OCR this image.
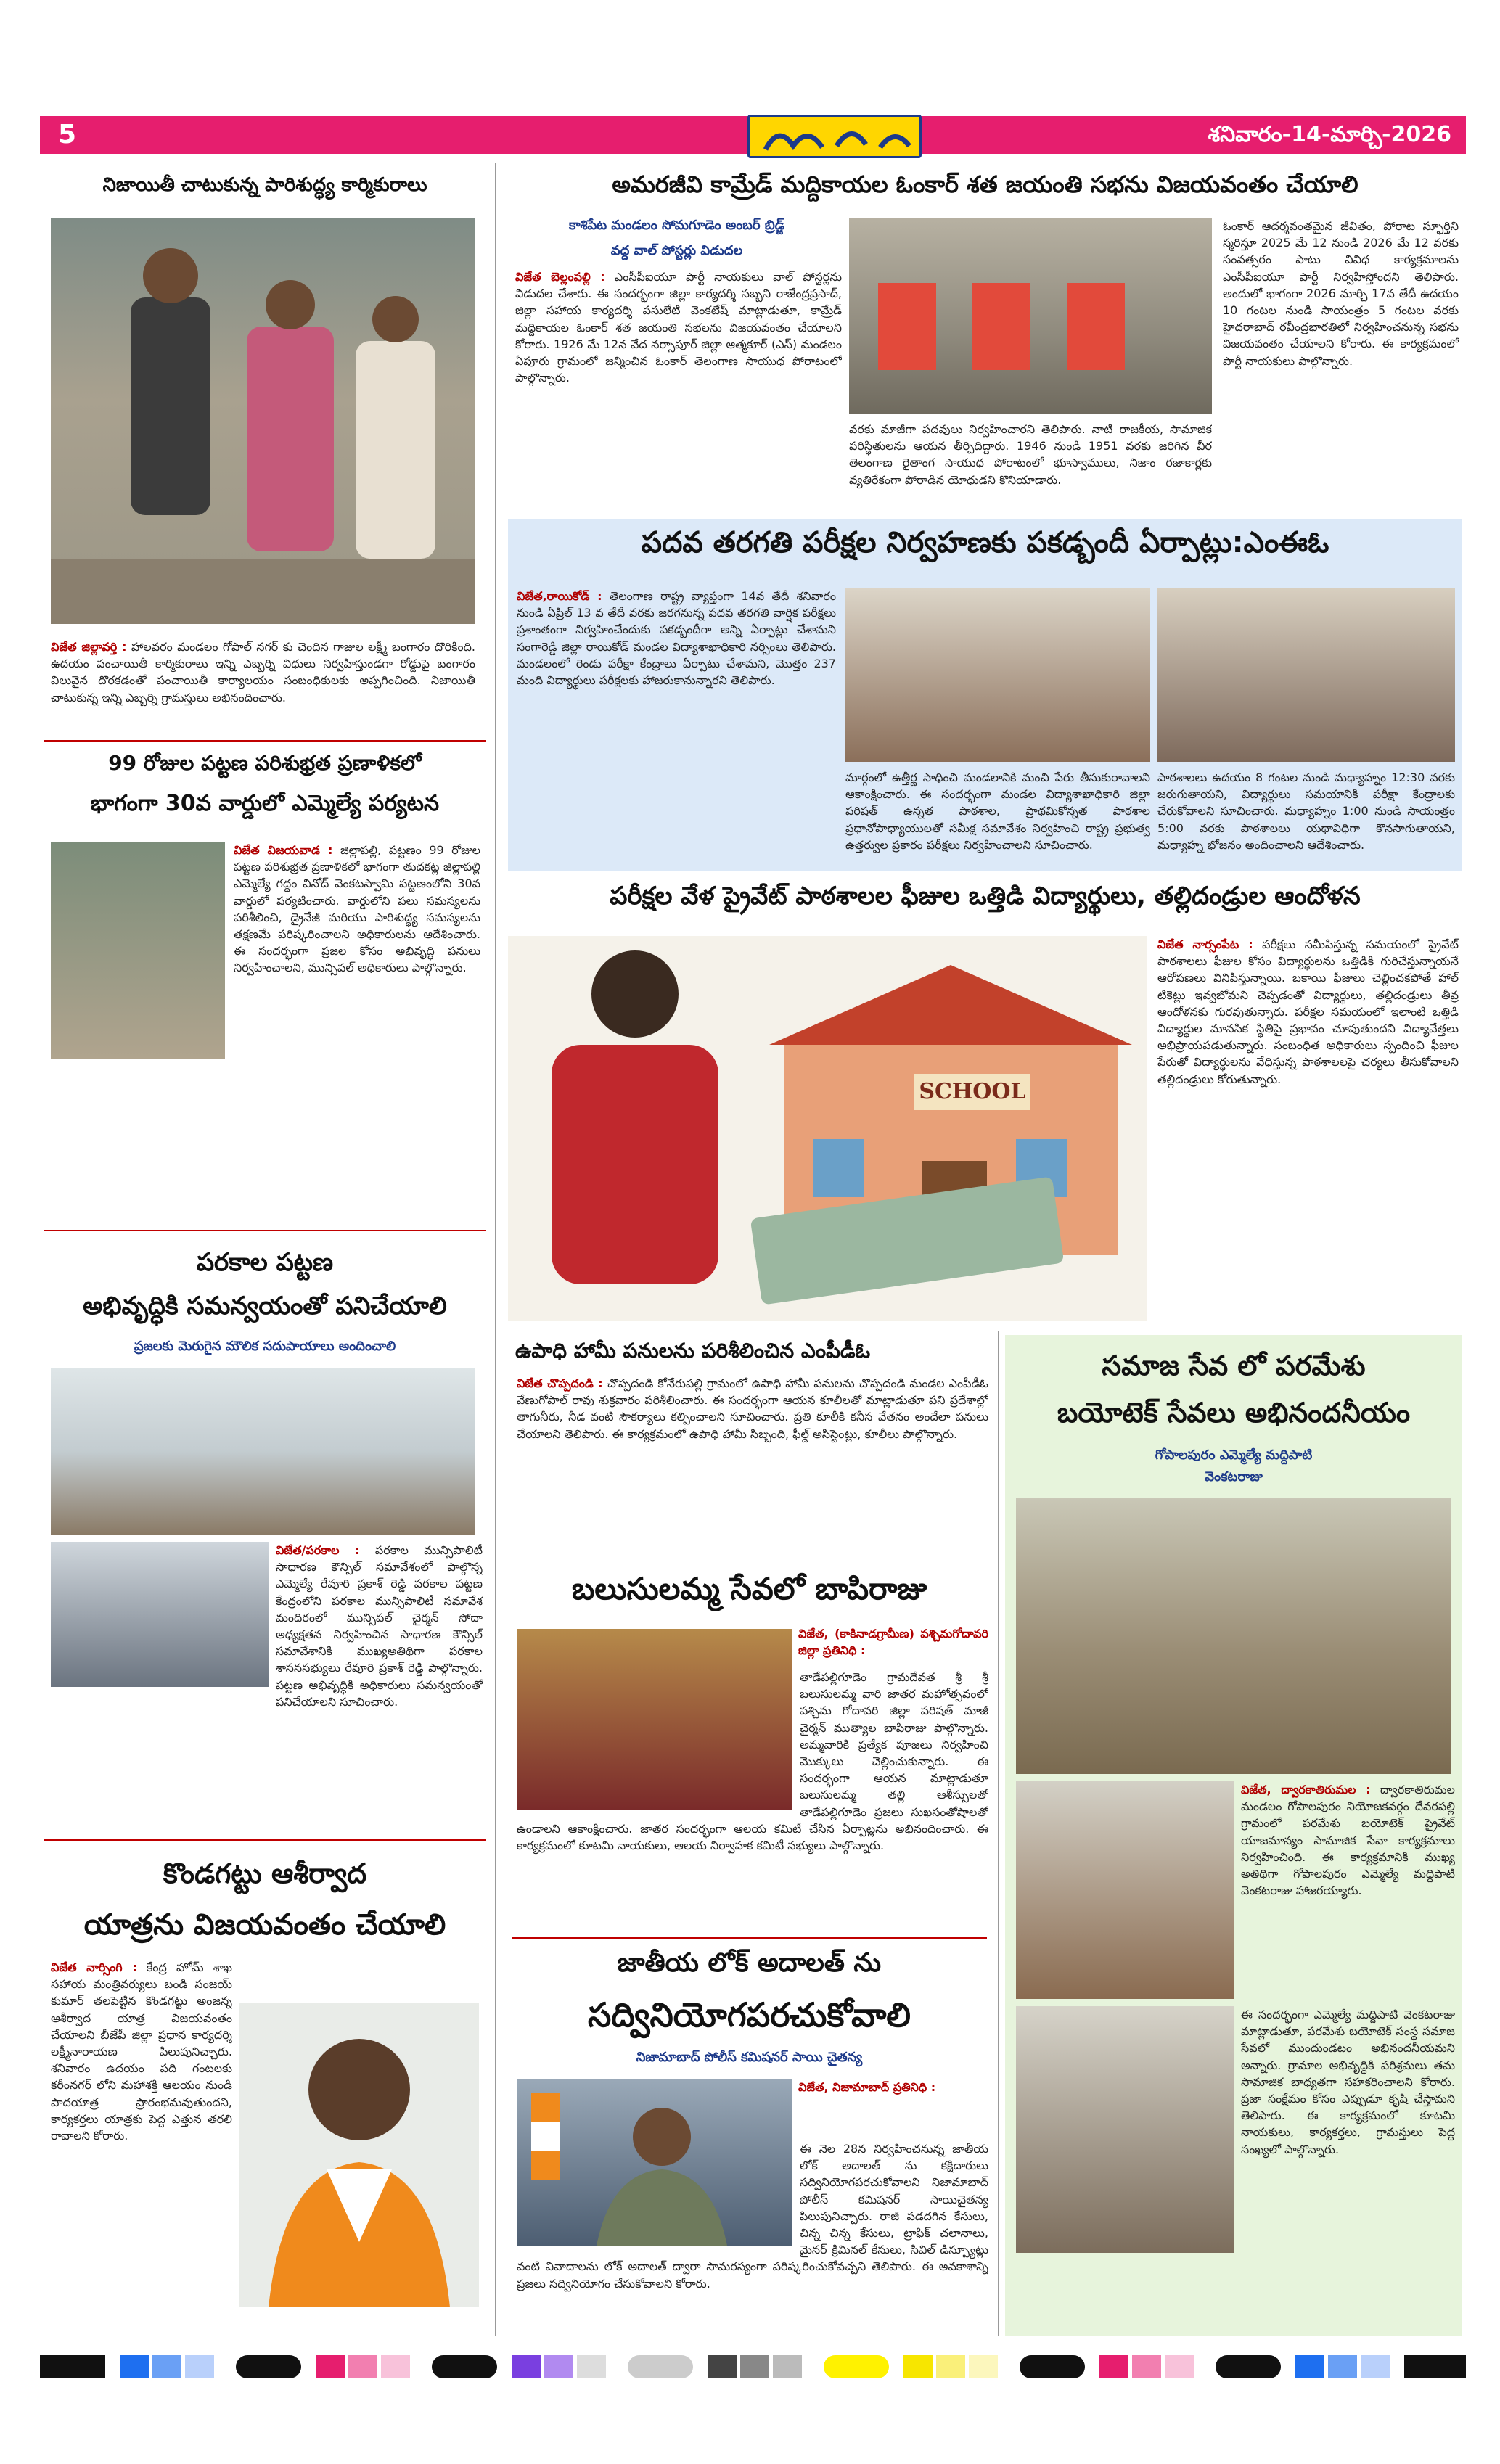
5	శనివారం-14-మార్చి-2026
నిజాయితీ చాటుకున్న పారిశుద్ధ్య కార్మికురాలు
విజేత జిల్లావర్తి : హాలవరం మండలం గోపాల్ నగర్ కు చెందిన గాజుల లక్ష్మీ బంగారం దొరికింది. ఉదయం పంచాయితీ కార్మికురాలు ఇన్ని ఎబ్బర్ని విధులు నిర్వహిస్తుండగా రోడ్డుపై బంగారం విలువైన దొరకడంతో పంచాయితీ కార్యాలయం సంబంధికులకు అప్పగించింది. నిజాయితీ చాటుకున్న ఇన్ని ఎబ్బర్ని గ్రామస్తులు అభినందించారు.
99 రోజుల పట్టణ పరిశుభ్రత ప్రణాళికలో
భాగంగా 30వ వార్డులో ఎమ్మెల్యే పర్యటన
విజేత విజయవాడ : జిల్లాపల్లి, పట్టణం 99 రోజుల పట్టణ పరిశుభ్రత ప్రణాళికలో భాగంగా తుదకట్ల జిల్లాపల్లి ఎమ్మెల్యే గద్దం వినోద్ వెంకటస్వామి పట్టణంలోని 30వ వార్డులో పర్యటించారు. వార్డులోని పలు సమస్యలను పరిశీలించి, డ్రైనేజీ మరియు పారిశుద్ధ్య సమస్యలను తక్షణమే పరిష్కరించాలని అధికారులను ఆదేశించారు. ఈ సందర్భంగా ప్రజల కోసం అభివృద్ధి పనులు నిర్వహించాలని, మున్సిపల్ అధికారులు పాల్గొన్నారు.
పరకాల పట్టణ
అభివృద్ధికి సమన్వయంతో పనిచేయాలి
ప్రజలకు మెరుగైన మౌలిక సదుపాయాలు అందించాలి
విజేత/పరకాల : పరకాల మున్సిపాలిటీ సాధారణ కౌన్సిల్ సమావేశంలో పాల్గొన్న ఎమ్మెల్యే రేవూరి ప్రకాశ్ రెడ్డి పరకాల పట్టణ కేంద్రంలోని పరకాల మున్సిపాలిటీ సమావేశ మందిరంలో మున్సిపల్ చైర్మన్ సోదా అధ్యక్షతన నిర్వహించిన సాధారణ కౌన్సిల్ సమావేశానికి ముఖ్యఅతిథిగా పరకాల శాసనసభ్యులు రేవూరి ప్రకాశ్ రెడ్డి పాల్గొన్నారు. పట్టణ అభివృద్ధికి అధికారులు సమన్వయంతో పనిచేయాలని సూచించారు.
కొండగట్టు ఆశీర్వాద
యాత్రను విజయవంతం చేయాలి
విజేత నార్సింగి : కేంద్ర హోమ్ శాఖ సహాయ మంత్రివర్యులు బండి సంజయ్ కుమార్ తలపెట్టిన కొండగట్టు అంజన్న ఆశీర్వాద యాత్ర విజయవంతం చేయాలని బీజేపీ జిల్లా ప్రధాన కార్యదర్శి లక్ష్మీనారాయణ పిలుపునిచ్చారు. శనివారం ఉదయం పది గంటలకు కరీంనగర్ లోని మహాశక్తి ఆలయం నుండి పాదయాత్ర ప్రారంభమవుతుందని, కార్యకర్తలు యాత్రకు పెద్ద ఎత్తున తరలి రావాలని కోరారు.
అమరజీవి కామ్రేడ్ మద్దికాయల ఓంకార్ శత జయంతి సభను విజయవంతం చేయాలి
కాశిపేట మండలం సోమగూడెం అంబర్ బ్రిడ్జ్
వద్ద వాల్ పోస్టర్లు విడుదల
విజేత బెల్లంపల్లి : ఎంసీపీఐయూ పార్టీ నాయకులు వాల్ పోస్టర్లను విడుదల చేశారు. ఈ సందర్భంగా జిల్లా కార్యదర్శి సబ్బని రాజేంద్రప్రసాద్, జిల్లా సహాయ కార్యదర్శి పసులేటి వెంకటేష్ మాట్లాడుతూ, కామ్రేడ్ మద్దికాయల ఓంకార్ శత జయంతి సభలను విజయవంతం చేయాలని కోరారు. 1926 మే 12న వేద నర్సాపూర్ జిల్లా ఆత్మకూర్ (ఎస్) మండలం ఏపూరు గ్రామంలో జన్మించిన ఓంకార్ తెలంగాణ సాయుధ పోరాటంలో పాల్గొన్నారు.
వరకు మాజీగా పదవులు నిర్వహించారని తెలిపారు. నాటి రాజకీయ, సామాజిక పరిస్థితులను ఆయన తీర్చిదిద్దారు. 1946 నుండి 1951 వరకు జరిగిన వీర తెలంగాణ రైతాంగ సాయుధ పోరాటంలో భూస్వాములు, నిజాం రజాకార్లకు వ్యతిరేకంగా పోరాడిన యోధుడని కొనియాడారు.
ఓంకార్ ఆదర్శవంతమైన జీవితం, పోరాట స్ఫూర్తిని స్మరిస్తూ 2025 మే 12 నుండి 2026 మే 12 వరకు సంవత్సరం పాటు వివిధ కార్యక్రమాలను ఎంసీపీఐయూ పార్టీ నిర్వహిస్తోందని తెలిపారు. అందులో భాగంగా 2026 మార్చి 17వ తేదీ ఉదయం 10 గంటల నుండి సాయంత్రం 5 గంటల వరకు హైదరాబాద్ రవీంద్రభారతిలో నిర్వహించనున్న సభను విజయవంతం చేయాలని కోరారు. ఈ కార్యక్రమంలో పార్టీ నాయకులు పాల్గొన్నారు.
పదవ తరగతి పరీక్షల నిర్వహణకు పకడ్బందీ ఏర్పాట్లు:ఎంఈఓ
విజేత,రాయికోడ్ : తెలంగాణ రాష్ట్ర వ్యాప్తంగా 14వ తేదీ శనివారం నుండి ఏప్రిల్ 13 వ తేదీ వరకు జరగనున్న పదవ తరగతి వార్షిక పరీక్షలు ప్రశాంతంగా నిర్వహించేందుకు పకడ్బందీగా అన్ని ఏర్పాట్లు చేశామని సంగారెడ్డి జిల్లా రాయికోడ్ మండల విద్యాశాఖాధికారి నర్సింలు తెలిపారు. మండలంలో రెండు పరీక్షా కేంద్రాలు ఏర్పాటు చేశామని, మొత్తం 237 మంది విద్యార్థులు పరీక్షలకు హాజరుకానున్నారని తెలిపారు.
మార్గంలో ఉత్తీర్ణ సాధించి మండలానికి మంచి పేరు తీసుకురావాలని ఆకాంక్షించారు. ఈ సందర్భంగా మండల విద్యాశాఖాధికారి జిల్లా పరిషత్ ఉన్నత పాఠశాల, ప్రాథమికోన్నత పాఠశాల ప్రధానోపాధ్యాయులతో సమీక్ష సమావేశం నిర్వహించి రాష్ట్ర ప్రభుత్వ ఉత్తర్వుల ప్రకారం పరీక్షలు నిర్వహించాలని సూచించారు.
పాఠశాలలు ఉదయం 8 గంటల నుండి మధ్యాహ్నం 12:30 వరకు జరుగుతాయని, విద్యార్థులు సమయానికి పరీక్షా కేంద్రాలకు చేరుకోవాలని సూచించారు. మధ్యాహ్నం 1:00 నుండి సాయంత్రం 5:00 వరకు పాఠశాలలు యథావిధిగా కొనసాగుతాయని, మధ్యాహ్న భోజనం అందించాలని ఆదేశించారు.
పరీక్షల వేళ ప్రైవేట్ పాఠశాలల ఫీజుల ఒత్తిడి విద్యార్థులు, తల్లిదండ్రుల ఆందోళన
SCHOOL
విజేత నార్సంపేట : పరీక్షలు సమీపిస్తున్న సమయంలో ప్రైవేట్ పాఠశాలలు ఫీజుల కోసం విద్యార్థులను ఒత్తిడికి గురిచేస్తున్నాయనే ఆరోపణలు వినిపిస్తున్నాయి. బకాయి ఫీజులు చెల్లించకపోతే హాల్ టికెట్లు ఇవ్వబోమని చెప్పడంతో విద్యార్థులు, తల్లిదండ్రులు తీవ్ర ఆందోళనకు గురవుతున్నారు. పరీక్షల సమయంలో ఇలాంటి ఒత్తిడి విద్యార్థుల మానసిక స్థితిపై ప్రభావం చూపుతుందని విద్యావేత్తలు అభిప్రాయపడుతున్నారు. సంబంధిత అధికారులు స్పందించి ఫీజుల పేరుతో విద్యార్థులను వేధిస్తున్న పాఠశాలలపై చర్యలు తీసుకోవాలని తల్లిదండ్రులు కోరుతున్నారు.
ఉపాధి హామీ పనులను పరిశీలించిన ఎంపీడీఓ
విజేత చొప్పదండి : చొప్పదండి కోనేరుపల్లి గ్రామంలో ఉపాధి హామీ పనులను చొప్పదండి మండల ఎంపీడీఓ వేణుగోపాల్ రావు శుక్రవారం పరిశీలించారు. ఈ సందర్భంగా ఆయన కూలీలతో మాట్లాడుతూ పని ప్రదేశాల్లో తాగునీరు, నీడ వంటి సౌకర్యాలు కల్పించాలని సూచించారు. ప్రతి కూలీకి కనీస వేతనం అందేలా పనులు చేయాలని తెలిపారు. ఈ కార్యక్రమంలో ఉపాధి హామీ సిబ్బంది, ఫీల్డ్ అసిస్టెంట్లు, కూలీలు పాల్గొన్నారు.
బలుసులమ్మ సేవలో బాపిరాజు
విజేత, (కాకినాడగ్రామీణ) పశ్చిమగోదావరి జిల్లా ప్రతినిధి :
తాడేపల్లిగూడెం గ్రామదేవత శ్రీ శ్రీ బలుసులమ్మ వారి జాతర మహోత్సవంలో పశ్చిమ గోదావరి జిల్లా పరిషత్ మాజీ చైర్మన్ ముత్యాల బాపిరాజు పాల్గొన్నారు. అమ్మవారికి ప్రత్యేక పూజలు నిర్వహించి మొక్కులు చెల్లించుకున్నారు. ఈ సందర్భంగా ఆయన మాట్లాడుతూ బలుసులమ్మ తల్లి ఆశీస్సులతో తాడేపల్లిగూడెం ప్రజలు సుఖసంతోషాలతో ఉండాలని ఆకాంక్షించారు. జాతర సందర్భంగా ఆలయ కమిటీ చేసిన ఏర్పాట్లను అభినందించారు. ఈ కార్యక్రమంలో కూటమి నాయకులు, ఆలయ నిర్వాహక కమిటీ సభ్యులు పాల్గొన్నారు.
జాతీయ లోక్ అదాలత్ ను
సద్వినియోగపరచుకోవాలి
నిజామాబాద్ పోలీస్ కమిషనర్ సాయి చైతన్య
విజేత, నిజామాబాద్ ప్రతినిధి :
ఈ నెల 28న నిర్వహించనున్న జాతీయ లోక్ అదాలత్ ను కక్షిదారులు సద్వినియోగపరచుకోవాలని నిజామాబాద్ పోలీస్ కమిషనర్ సాయిచైతన్య పిలుపునిచ్చారు. రాజీ పడదగిన కేసులు, చిన్న చిన్న కేసులు, ట్రాఫిక్ చలానాలు, మైనర్ క్రిమినల్ కేసులు, సివిల్ డిస్ప్యూట్లు వంటి వివాదాలను లోక్ అదాలత్ ద్వారా సామరస్యంగా పరిష్కరించుకోవచ్చని తెలిపారు. ఈ అవకాశాన్ని ప్రజలు సద్వినియోగం చేసుకోవాలని కోరారు.
సమాజ సేవ లో పరమేశు
బయోటెక్ సేవలు అభినందనీయం
గోపాలపురం ఎమ్మెల్యే మద్దిపాటి
వెంకటరాజు
విజేత, ద్వారకాతిరుమల : ద్వారకాతిరుమల మండలం గోపాలపురం నియోజకవర్గం దేవరపల్లి గ్రామంలో పరమేశు బయోటెక్ ప్రైవేట్ యాజమాన్యం సామాజిక సేవా కార్యక్రమాలు నిర్వహించింది. ఈ కార్యక్రమానికి ముఖ్య అతిథిగా గోపాలపురం ఎమ్మెల్యే మద్దిపాటి వెంకటరాజు హాజరయ్యారు.
ఈ సందర్భంగా ఎమ్మెల్యే మద్దిపాటి వెంకటరాజు మాట్లాడుతూ, పరమేశు బయోటెక్ సంస్థ సమాజ సేవలో ముందుండటం అభినందనీయమని అన్నారు. గ్రామాల అభివృద్ధికి పరిశ్రమలు తమ సామాజిక బాధ్యతగా సహకరించాలని కోరారు. ప్రజా సంక్షేమం కోసం ఎప్పుడూ కృషి చేస్తామని తెలిపారు. ఈ కార్యక్రమంలో కూటమి నాయకులు, కార్యకర్తలు, గ్రామస్తులు పెద్ద సంఖ్యలో పాల్గొన్నారు.
